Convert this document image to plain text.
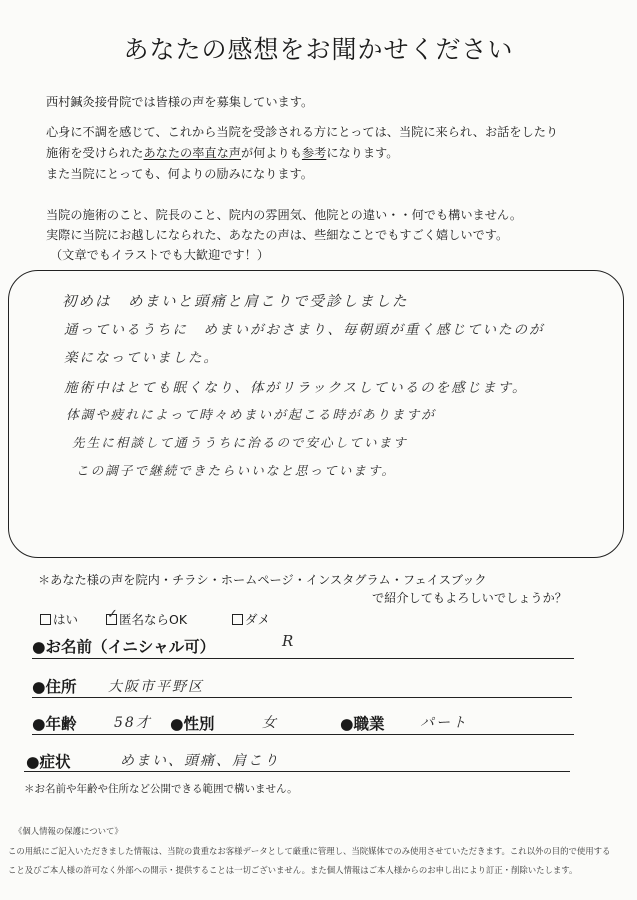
あなたの感想をお聞かせください
西村鍼灸接骨院では皆様の声を募集しています。
心身に不調を感じて、これから当院を受診される方にとっては、当院に来られ、お話をしたり
施術を受けられたあなたの率直な声が何よりも参考になります。
また当院にとっても、何よりの励みになります。
当院の施術のこと、院長のこと、院内の雰囲気、他院との違い・・何でも構いません。
実際に当院にお越しになられた、あなたの声は、些細なことでもすごく嬉しいです。
（文章でもイラストでも大歓迎です！）
初めは　めまいと頭痛と肩こりで受診しました
通っているうちに　めまいがおさまり、毎朝頭が重く感じていたのが
楽になっていました。
施術中はとても眠くなり、体がリラックスしているのを感じます。
体調や疲れによって時々めまいが起こる時がありますが
先生に相談して通ううちに治るので安心しています
この調子で継続できたらいいなと思っています。
＊あなた様の声を院内・チラシ・ホームページ・インスタグラム・フェイスブック
で紹介してもよろしいでしょうか？
はい ✓ 匿名ならOK	ダメ
●お名前（イニシャル可）	R
●住所 大阪市平野区
●年齢	58才 ●性別	女	●職業	パート
●症状	めまい、頭痛、肩こり
＊お名前や年齢や住所など公開できる範囲で構いません。
《個人情報の保護について》
この用紙にご記入いただきました情報は、当院の貴重なお客様データとして厳重に管理し、当院媒体でのみ使用させていただきます。これ以外の目的で使用する
こと及びご本人様の許可なく外部への開示・提供することは一切ございません。また個人情報はご本人様からのお申し出により訂正・削除いたします。
